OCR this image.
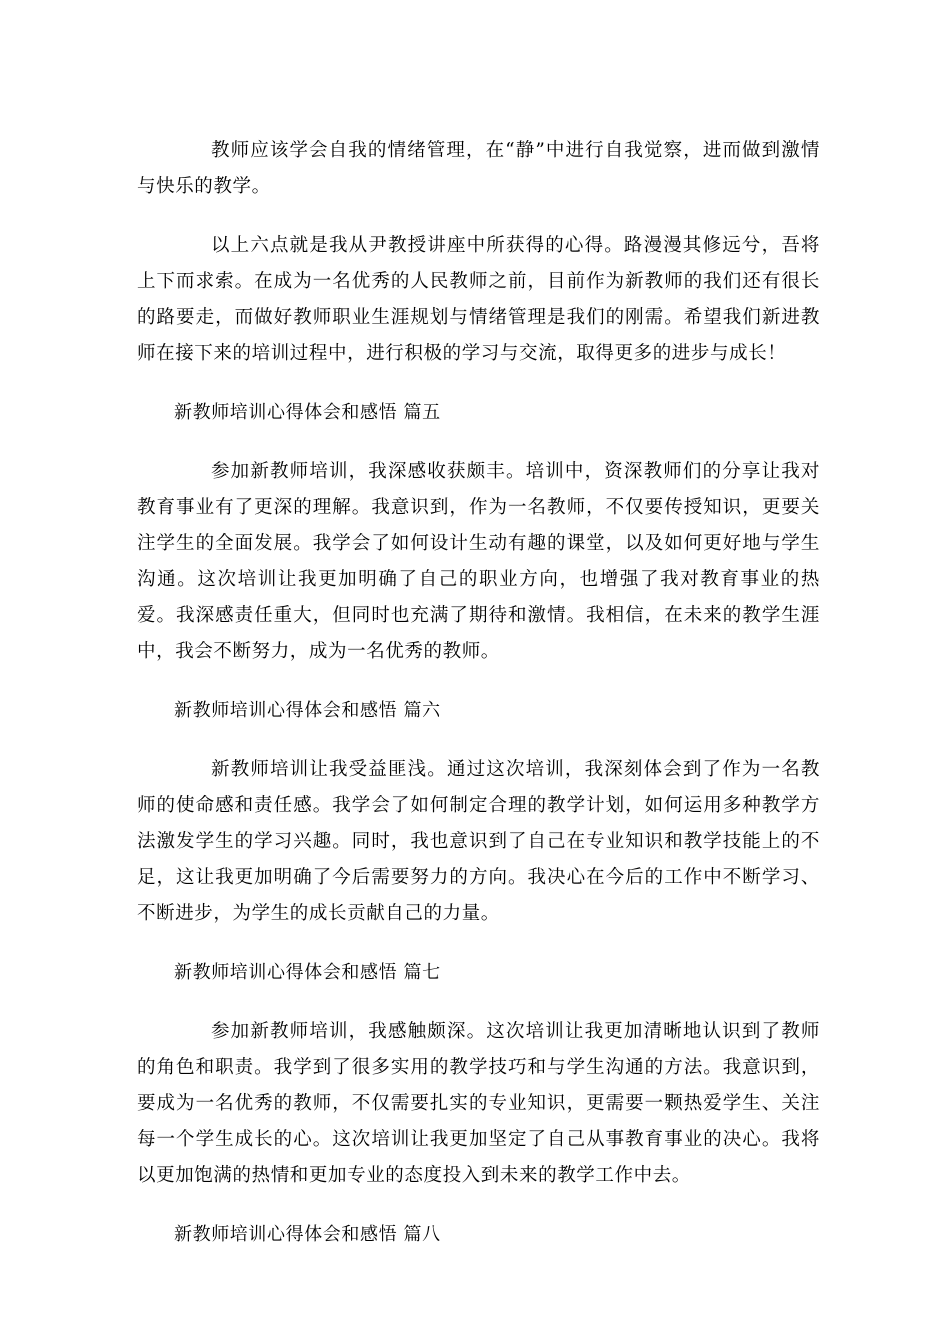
教师应该学会自我的情绪管理，在“静”中进行自我觉察，进而做到激情与快乐的教学。

以上六点就是我从尹教授讲座中所获得的心得。路漫漫其修远兮，吾将上下而求索。在成为一名优秀的人民教师之前，目前作为新教师的我们还有很长的路要走，而做好教师职业生涯规划与情绪管理是我们的刚需。希望我们新进教师在接下来的培训过程中，进行积极的学习与交流，取得更多的进步与成长！

新教师培训心得体会和感悟 篇五

参加新教师培训，我深感收获颇丰。培训中，资深教师们的分享让我对教育事业有了更深的理解。我意识到，作为一名教师，不仅要传授知识，更要关注学生的全面发展。我学会了如何设计生动有趣的课堂，以及如何更好地与学生沟通。这次培训让我更加明确了自己的职业方向，也增强了我对教育事业的热爱。我深感责任重大，但同时也充满了期待和激情。我相信，在未来的教学生涯中，我会不断努力，成为一名优秀的教师。

新教师培训心得体会和感悟 篇六

新教师培训让我受益匪浅。通过这次培训，我深刻体会到了作为一名教师的使命感和责任感。我学会了如何制定合理的教学计划，如何运用多种教学方法激发学生的学习兴趣。同时，我也意识到了自己在专业知识和教学技能上的不足，这让我更加明确了今后需要努力的方向。我决心在今后的工作中不断学习、不断进步，为学生的成长贡献自己的力量。

新教师培训心得体会和感悟 篇七

参加新教师培训，我感触颇深。这次培训让我更加清晰地认识到了教师的角色和职责。我学到了很多实用的教学技巧和与学生沟通的方法。我意识到，要成为一名优秀的教师，不仅需要扎实的专业知识，更需要一颗热爱学生、关注每一个学生成长的心。这次培训让我更加坚定了自己从事教育事业的决心。我将以更加饱满的热情和更加专业的态度投入到未来的教学工作中去。

新教师培训心得体会和感悟 篇八
